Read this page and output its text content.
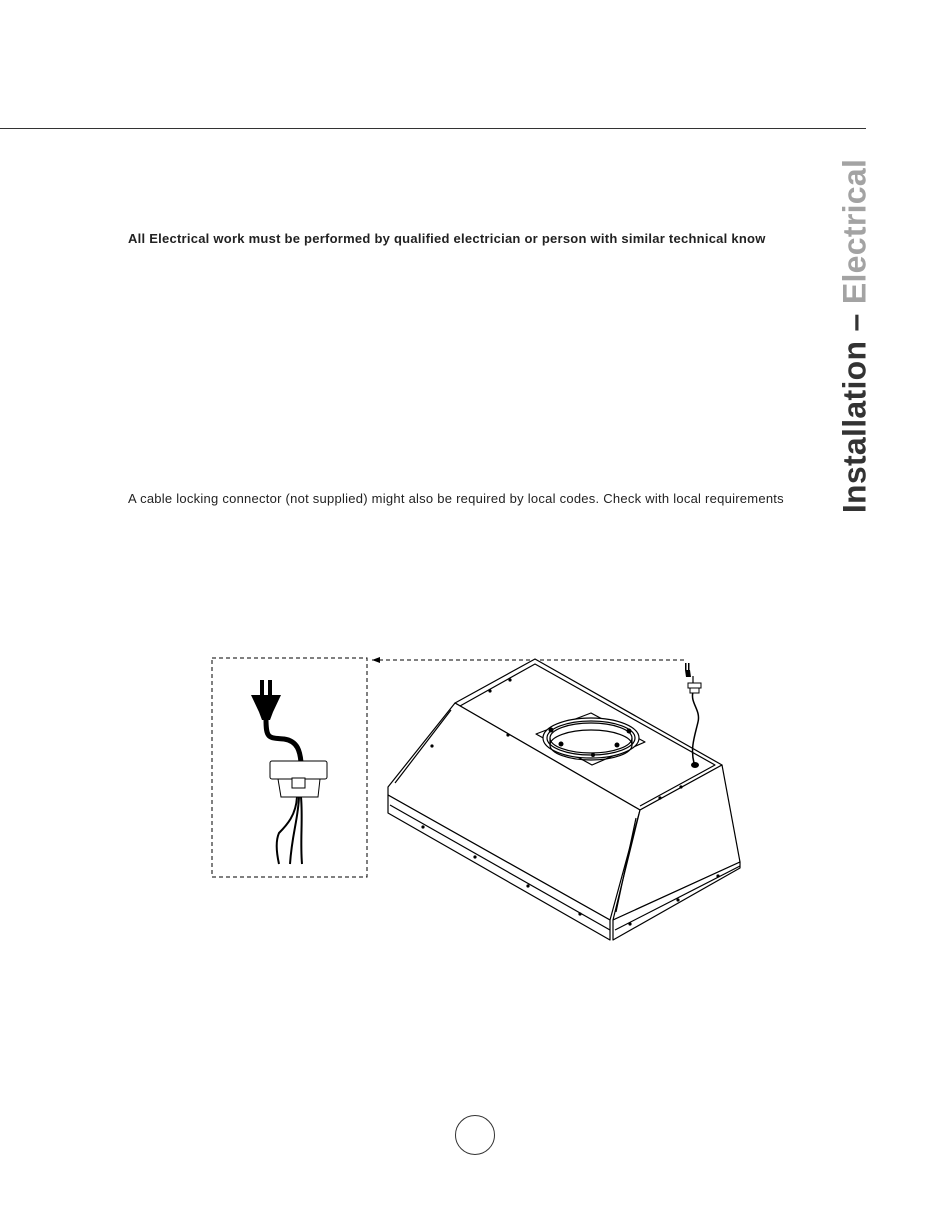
Installation – Electrical
All Electrical work must be performed by qualified electrician or person with similar technical know
A cable locking connector (not supplied) might also be required by local codes. Check with local requirements
